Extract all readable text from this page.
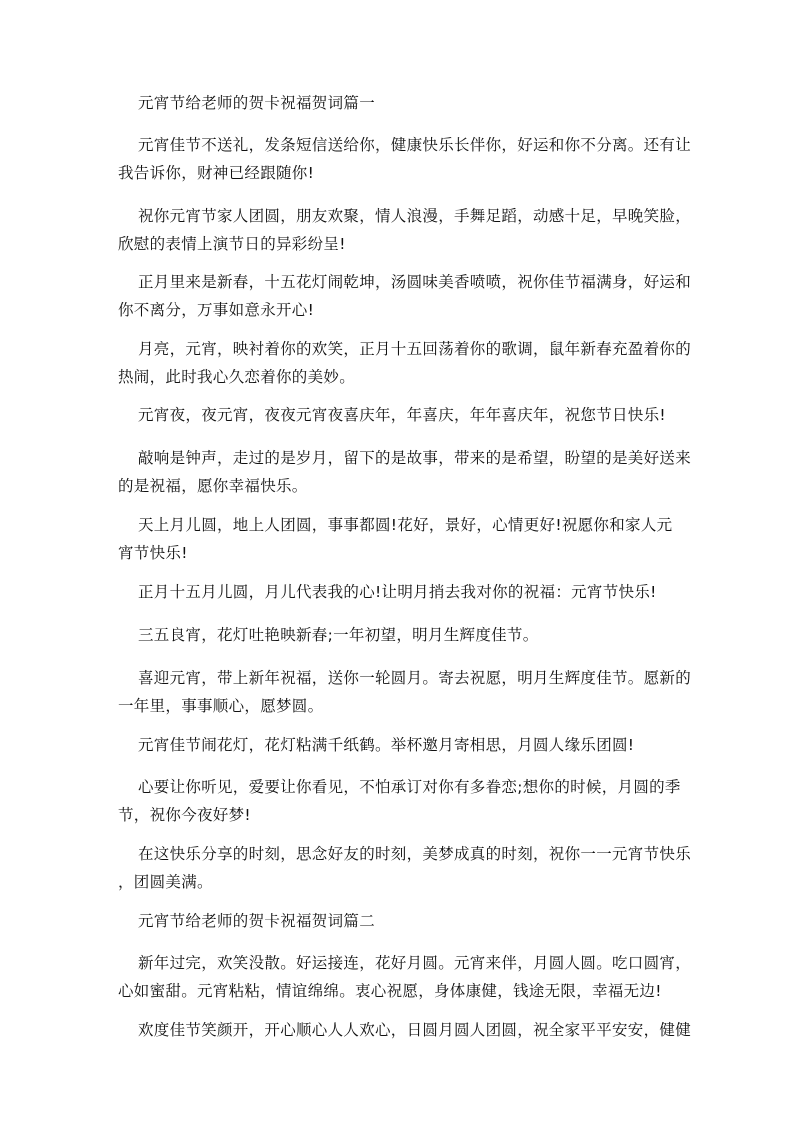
元宵节给老师的贺卡祝福贺词篇一
元宵佳节不送礼，发条短信送给你，健康快乐长伴你，好运和你不分离。还有让
我告诉你，财神已经跟随你!
祝你元宵节家人团圆，朋友欢聚，情人浪漫，手舞足蹈，动感十足，早晚笑脸，
欣慰的表情上演节日的异彩纷呈!
正月里来是新春，十五花灯闹乾坤，汤圆味美香喷喷，祝你佳节福满身，好运和
你不离分，万事如意永开心!
月亮，元宵，映衬着你的欢笑，正月十五回荡着你的歌调，鼠年新春充盈着你的
热闹，此时我心久恋着你的美妙。
元宵夜，夜元宵，夜夜元宵夜喜庆年，年喜庆，年年喜庆年，祝您节日快乐!
敲响是钟声，走过的是岁月，留下的是故事，带来的是希望，盼望的是美好送来
的是祝福，愿你幸福快乐。
天上月儿圆，地上人团圆，事事都圆!花好，景好，心情更好!祝愿你和家人元
宵节快乐!
正月十五月儿圆，月儿代表我的心!让明月捎去我对你的祝福：元宵节快乐!
三五良宵，花灯吐艳映新春;一年初望，明月生辉度佳节。
喜迎元宵，带上新年祝福，送你一轮圆月。寄去祝愿，明月生辉度佳节。愿新的
一年里，事事顺心，愿梦圆。
元宵佳节闹花灯，花灯粘满千纸鹤。举杯邀月寄相思，月圆人缘乐团圆!
心要让你听见，爱要让你看见，不怕承订对你有多眷恋;想你的时候，月圆的季
节，祝你今夜好梦!
在这快乐分享的时刻，思念好友的时刻，美梦成真的时刻，祝你一一元宵节快乐
，团圆美满。
元宵节给老师的贺卡祝福贺词篇二
新年过完，欢笑没散。好运接连，花好月圆。元宵来伴，月圆人圆。吃口圆宵，
心如蜜甜。元宵粘粘，情谊绵绵。衷心祝愿，身体康健，钱途无限，幸福无边!
欢度佳节笑颜开，开心顺心人人欢心，日圆月圆人团圆，祝全家平平安安，健健
